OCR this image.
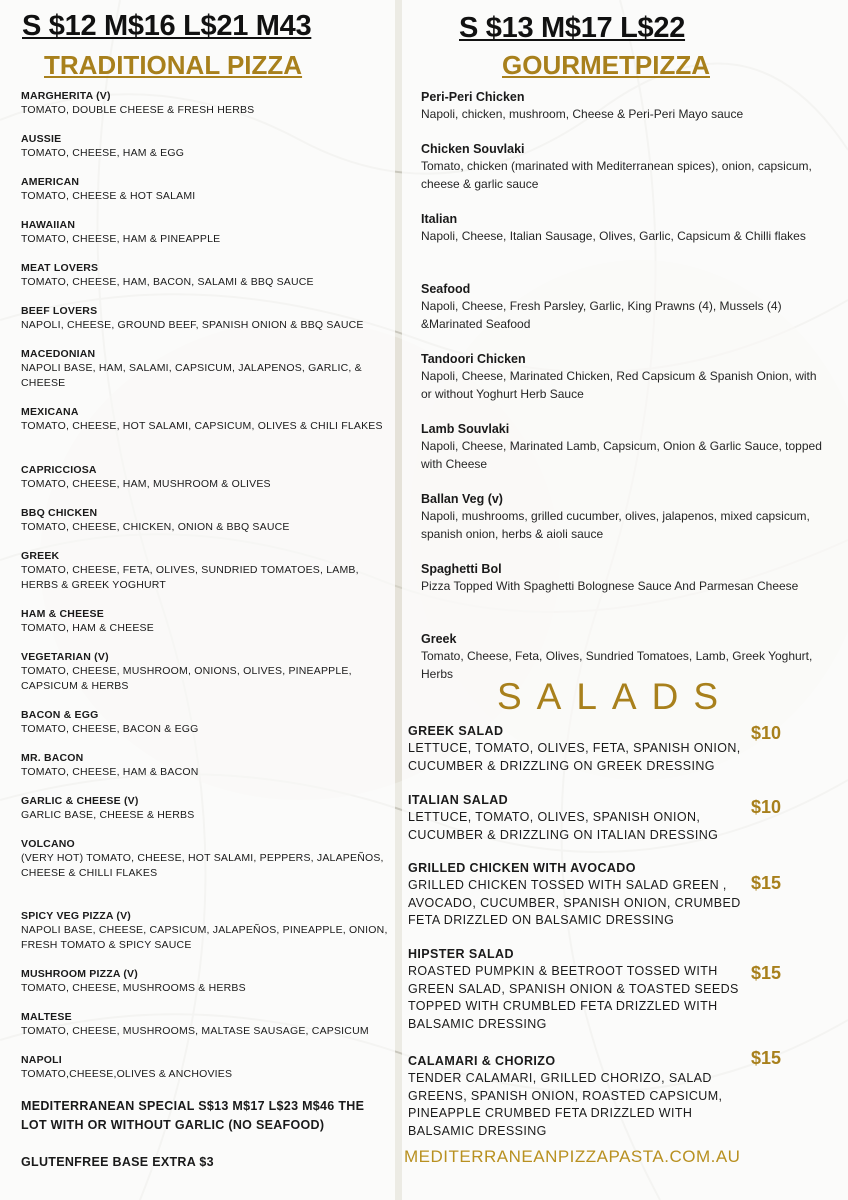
S $12 M$16 L$21 M43
TRADITIONAL PIZZA
MARGHERITA (V)
TOMATO, DOUBLE CHEESE & FRESH HERBS
AUSSIE
TOMATO, CHEESE, HAM & EGG
AMERICAN
TOMATO, CHEESE & HOT SALAMI
HAWAIIAN
TOMATO, CHEESE, HAM & PINEAPPLE
MEAT LOVERS
TOMATO, CHEESE, HAM, BACON, SALAMI & BBQ SAUCE
BEEF LOVERS
NAPOLI, CHEESE, GROUND BEEF, SPANISH ONION & BBQ SAUCE
MACEDONIAN
NAPOLI BASE, HAM, SALAMI, CAPSICUM, JALAPENOS, GARLIC, & CHEESE
MEXICANA
TOMATO, CHEESE, HOT SALAMI, CAPSICUM, OLIVES & CHILI FLAKES
CAPRICCIOSA
TOMATO, CHEESE, HAM, MUSHROOM & OLIVES
BBQ CHICKEN
TOMATO, CHEESE, CHICKEN, ONION & BBQ SAUCE
GREEK
TOMATO, CHEESE, FETA, OLIVES, SUNDRIED TOMATOES, LAMB, HERBS & GREEK YOGHURT
HAM & CHEESE
TOMATO, HAM & CHEESE
VEGETARIAN (V)
TOMATO, CHEESE, MUSHROOM, ONIONS, OLIVES, PINEAPPLE, CAPSICUM & HERBS
BACON & EGG
TOMATO, CHEESE, BACON & EGG
MR. BACON
TOMATO, CHEESE, HAM & BACON
GARLIC & CHEESE (V)
GARLIC BASE, CHEESE & HERBS
VOLCANO
(VERY HOT) TOMATO, CHEESE, HOT SALAMI, PEPPERS, JALAPEÑOS, CHEESE & CHILLI FLAKES
SPICY VEG PIZZA (V)
NAPOLI BASE, CHEESE, CAPSICUM, JALAPEÑOS, PINEAPPLE, ONION, FRESH TOMATO & SPICY SAUCE
MUSHROOM PIZZA (V)
TOMATO, CHEESE, MUSHROOMS & HERBS
MALTESE
TOMATO, CHEESE, MUSHROOMS, MALTASE SAUSAGE, CAPSICUM
NAPOLI
TOMATO,CHEESE,OLIVES & ANCHOVIES
MEDITERRANEAN SPECIAL S$13 M$17 L$23 M$46 THE LOT WITH OR WITHOUT GARLIC (NO SEAFOOD)
GLUTENFREE BASE EXTRA $3
S $13 M$17 L$22
GOURMETPIZZA
Peri-Peri Chicken
Napoli, chicken, mushroom, Cheese & Peri-Peri Mayo sauce
Chicken Souvlaki
Tomato, chicken (marinated with Mediterranean spices), onion, capsicum, cheese & garlic sauce
Italian
Napoli, Cheese, Italian Sausage, Olives, Garlic, Capsicum & Chilli flakes
Seafood
Napoli, Cheese, Fresh Parsley, Garlic, King Prawns (4), Mussels (4) &Marinated Seafood
Tandoori Chicken
Napoli, Cheese, Marinated Chicken, Red Capsicum & Spanish Onion, with or without Yoghurt Herb Sauce
Lamb Souvlaki
Napoli, Cheese, Marinated Lamb, Capsicum, Onion & Garlic Sauce, topped with Cheese
Ballan Veg (v)
Napoli, mushrooms, grilled cucumber, olives, jalapenos, mixed capsicum, spanish onion, herbs & aioli sauce
Spaghetti Bol
Pizza Topped With Spaghetti Bolognese Sauce And Parmesan Cheese
Greek
Tomato, Cheese, Feta, Olives, Sundried Tomatoes, Lamb, Greek Yoghurt, Herbs
SALADS
GREEK SALAD
LETTUCE, TOMATO, OLIVES, FETA, SPANISH ONION, CUCUMBER & DRIZZLING ON GREEK DRESSING
$10
ITALIAN SALAD
LETTUCE, TOMATO, OLIVES, SPANISH ONION, CUCUMBER & DRIZZLING ON ITALIAN DRESSING
$10
GRILLED CHICKEN WITH AVOCADO
GRILLED CHICKEN TOSSED WITH SALAD GREEN , AVOCADO, CUCUMBER, SPANISH ONION, CRUMBED FETA DRIZZLED ON BALSAMIC DRESSING
$15
HIPSTER SALAD
ROASTED PUMPKIN & BEETROOT TOSSED WITH GREEN SALAD, SPANISH ONION & TOASTED SEEDS TOPPED WITH CRUMBLED FETA DRIZZLED WITH BALSAMIC DRESSING
$15
CALAMARI & CHORIZO
TENDER CALAMARI, GRILLED CHORIZO, SALAD GREENS, SPANISH ONION, ROASTED CAPSICUM, PINEAPPLE CRUMBED FETA DRIZZLED WITH BALSAMIC DRESSING
$15
MEDITERRANEANPIZZAPASTA.COM.AU
